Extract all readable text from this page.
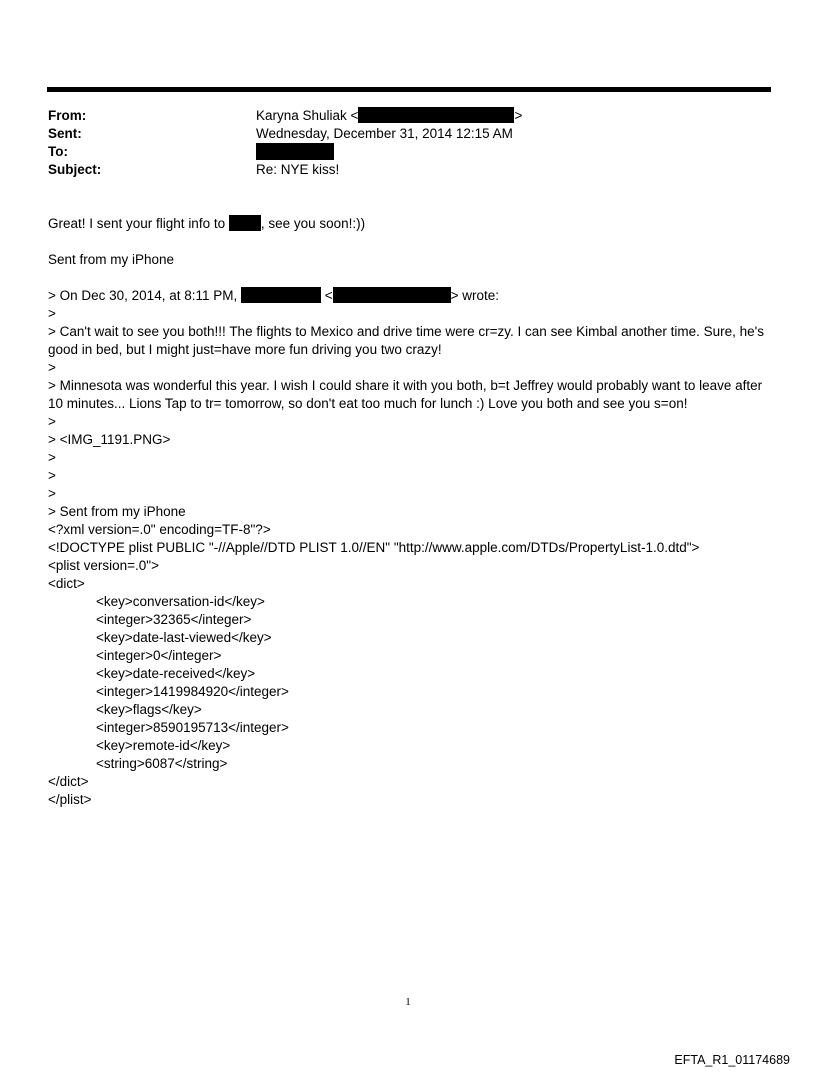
From:	Karyna Shuliak <	>
Sent:	Wednesday, December 31, 2014 12:15 AM
To:
Subject:	Re: NYE kiss!
Great! I sent your flight info to , see you soon!:))
Sent from my iPhone
> On Dec 30, 2014, at 8:11 PM,	<	> wrote:
>
> Can't wait to see you both!!! The flights to Mexico and drive time were cr=zy. I can see Kimbal another time. Sure, he's good in bed, but I might just=have more fun driving you two crazy!
>
> Minnesota was wonderful this year. I wish I could share it with you both, b=t Jeffrey would probably want to leave after 10 minutes... Lions Tap to tr= tomorrow, so don't eat too much for lunch :) Love you both and see you s=on!
>
> <IMG_1191.PNG>
>
>
>
> Sent from my iPhone
<?xml version=.0" encoding=TF-8"?>
<!DOCTYPE plist PUBLIC "-//Apple//DTD PLIST 1.0//EN" "http://www.apple.com/DTDs/PropertyList-1.0.dtd">
<plist version=.0">
<dict>
<key>conversation-id</key>
<integer>32365</integer>
<key>date-last-viewed</key>
<integer>0</integer>
<key>date-received</key>
<integer>1419984920</integer>
<key>flags</key>
<integer>8590195713</integer>
<key>remote-id</key>
<string>6087</string>
</dict>
</plist>
1
EFTA_R1_01174689
